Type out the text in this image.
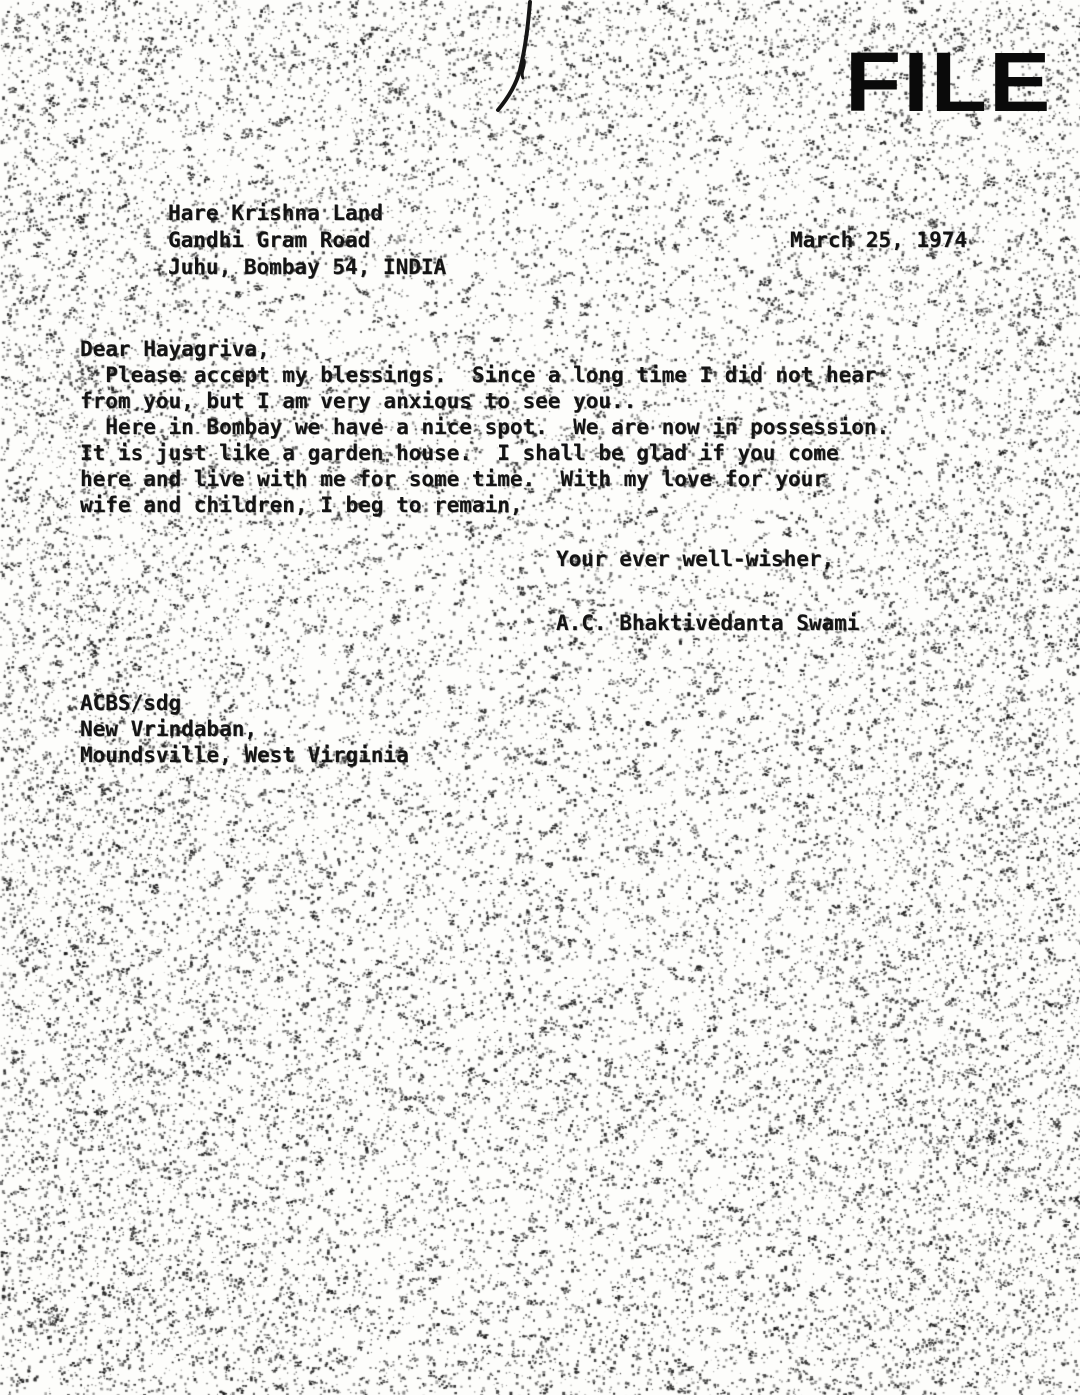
FILE
Hare Krishna Land
Gandhi Gram Road
Juhu, Bombay 54, INDIA
March 25, 1974
Dear Hayagriva,
Please accept my blessings.  Since a long time I did not hear
from you, but I am very anxious to see you..
Here in Bombay we have a nice spot.  We are now in possession.
It is just like a garden house.  I shall be glad if you come
here and live with me for some time.  With my love for your
wife and children, I beg to remain,
Your ever well-wisher,
A.C. Bhaktivedanta Swami
ACBS/sdg
New Vrindaban,
Moundsville, West Virginia
